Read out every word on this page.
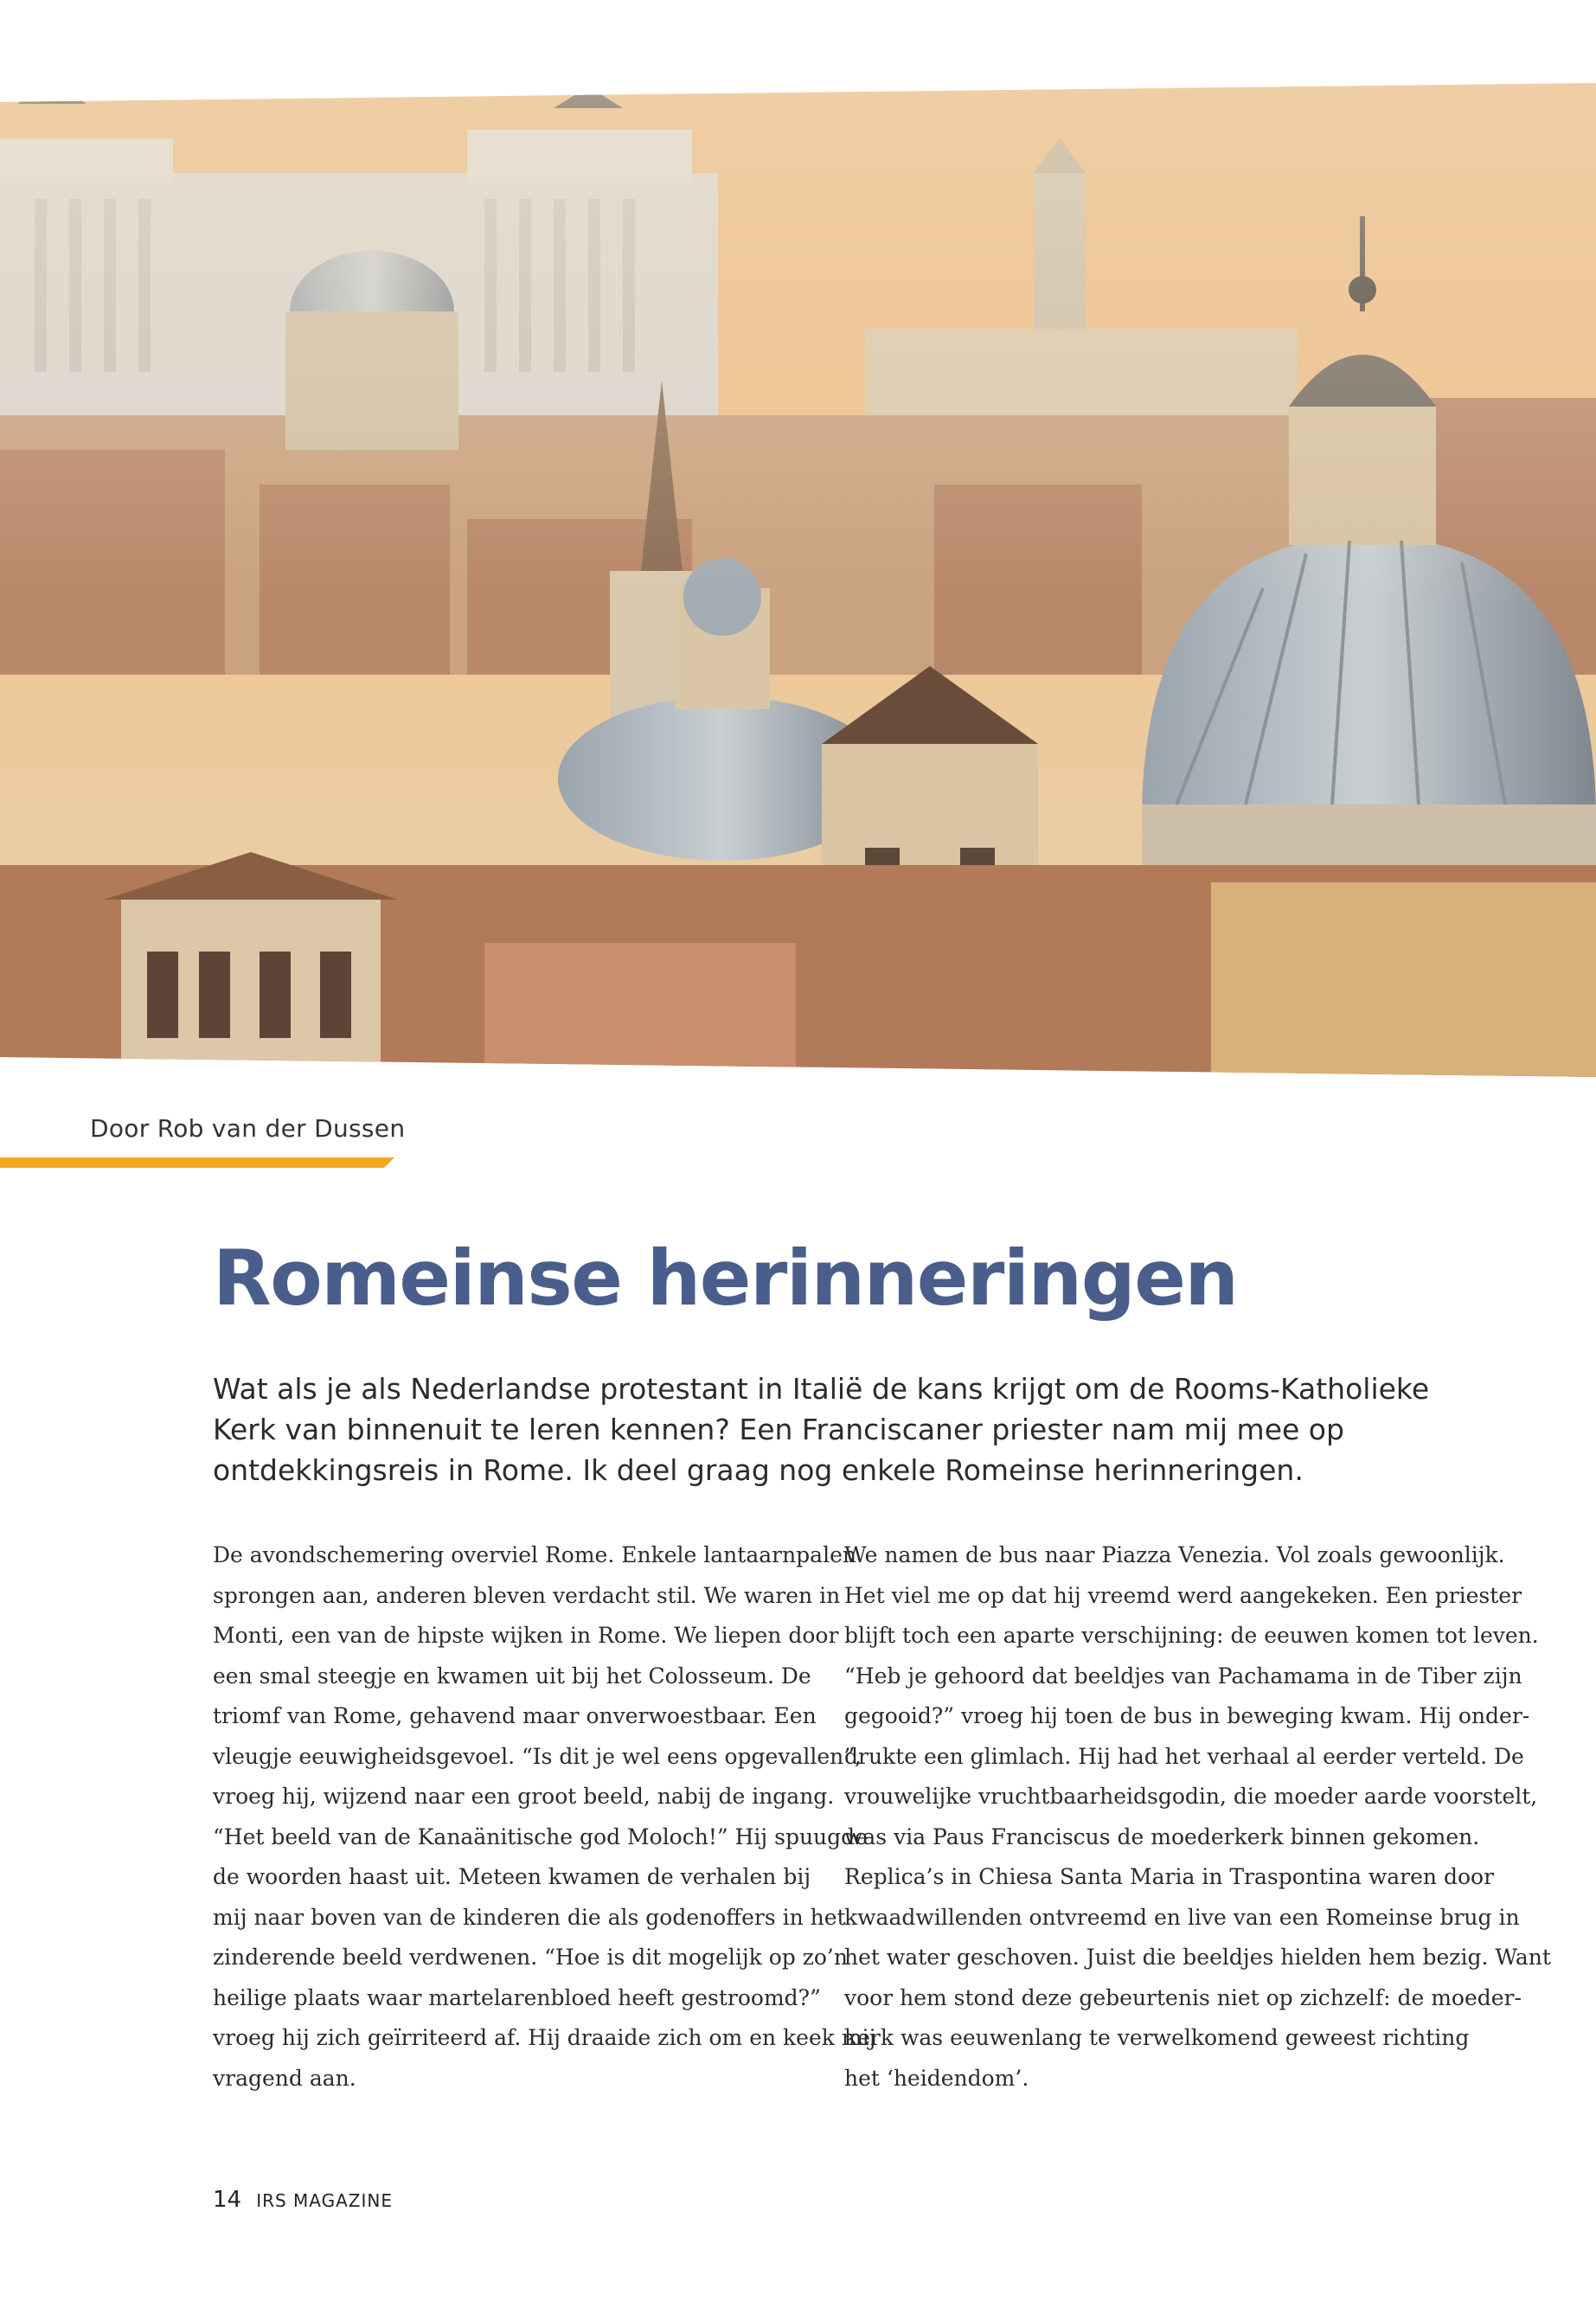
Door Rob van der Dussen
Romeinse herinneringen

Wat als je als Nederlandse protestant in Italië de kans krijgt om de Rooms-Katholieke Kerk van binnenuit te leren kennen? Een Franciscaner priester nam mij mee op ontdekkingsreis in Rome. Ik deel graag nog enkele Romeinse herinneringen.

De avondschemering overviel Rome. Enkele lantaarnpalen
sprongen aan, anderen bleven verdacht stil. We waren in
Monti, een van de hipste wijken in Rome. We liepen door
een smal steegje en kwamen uit bij het Colosseum. De
triomf van Rome, gehavend maar onverwoestbaar. Een
vleugje eeuwigheidsgevoel. “Is dit je wel eens opgevallen”,
vroeg hij, wijzend naar een groot beeld, nabij de ingang.
“Het beeld van de Kanaänitische god Moloch!” Hij spuugde
de woorden haast uit. Meteen kwamen de verhalen bij
mij naar boven van de kinderen die als godenoffers in het
zinderende beeld verdwenen. “Hoe is dit mogelijk op zo’n
heilige plaats waar martelarenbloed heeft gestroomd?”
vroeg hij zich geïrriteerd af. Hij draaide zich om en keek mij
vragend aan.
We namen de bus naar Piazza Venezia. Vol zoals gewoonlijk.
Het viel me op dat hij vreemd werd aangekeken. Een priester
blijft toch een aparte verschijning: de eeuwen komen tot leven.
“Heb je gehoord dat beeldjes van Pachamama in de Tiber zijn
gegooid?” vroeg hij toen de bus in beweging kwam. Hij onder-
drukte een glimlach. Hij had het verhaal al eerder verteld. De
vrouwelijke vruchtbaarheidsgodin, die moeder aarde voorstelt,
was via Paus Franciscus de moederkerk binnen gekomen.
Replica’s in Chiesa Santa Maria in Traspontina waren door
kwaadwillenden ontvreemd en live van een Romeinse brug in
het water geschoven. Juist die beeldjes hielden hem bezig. Want
voor hem stond deze gebeurtenis niet op zichzelf: de moeder-
kerk was eeuwenlang te verwelkomend geweest richting
het ‘heidendom’.
14 IRS MAGAZINE
